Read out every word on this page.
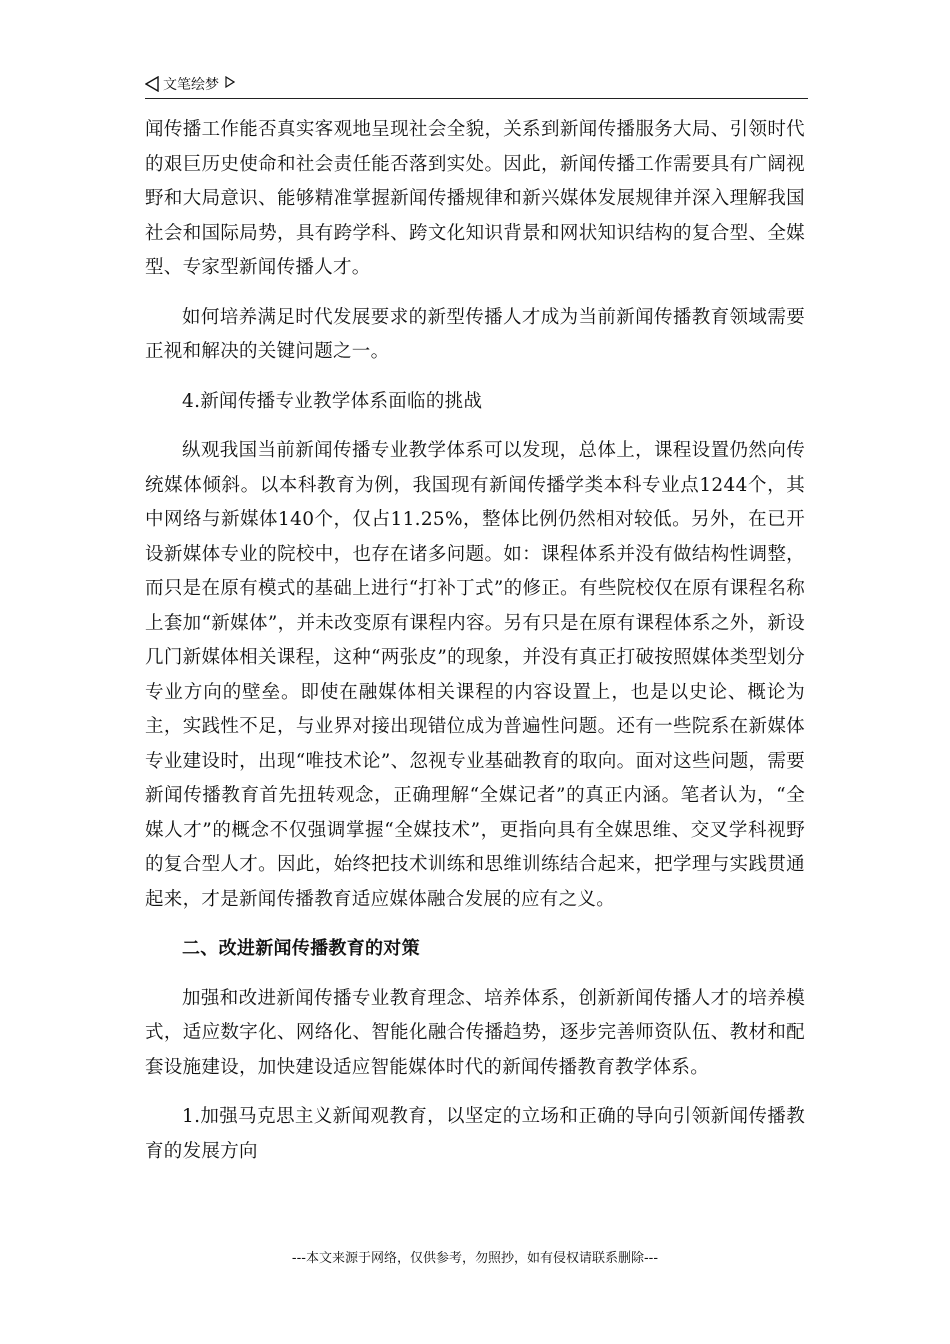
文笔绘梦

闻传播工作能否真实客观地呈现社会全貌，关系到新闻传播服务大局、引领时代的艰巨历史使命和社会责任能否落到实处。因此，新闻传播工作需要具有广阔视野和大局意识、能够精准掌握新闻传播规律和新兴媒体发展规律并深入理解我国社会和国际局势，具有跨学科、跨文化知识背景和网状知识结构的复合型、全媒型、专家型新闻传播人才。

如何培养满足时代发展要求的新型传播人才成为当前新闻传播教育领域需要正视和解决的关键问题之一。

4.新闻传播专业教学体系面临的挑战

纵观我国当前新闻传播专业教学体系可以发现，总体上，课程设置仍然向传统媒体倾斜。以本科教育为例，我国现有新闻传播学类本科专业点1244个，其中网络与新媒体140个，仅占11.25%，整体比例仍然相对较低。另外，在已开设新媒体专业的院校中，也存在诸多问题。如：课程体系并没有做结构性调整，而只是在原有模式的基础上进行“打补丁式”的修正。有些院校仅在原有课程名称上套加“新媒体”，并未改变原有课程内容。另有只是在原有课程体系之外，新设几门新媒体相关课程，这种“两张皮”的现象，并没有真正打破按照媒体类型划分专业方向的壁垒。即使在融媒体相关课程的内容设置上，也是以史论、概论为主，实践性不足，与业界对接出现错位成为普遍性问题。还有一些院系在新媒体专业建设时，出现“唯技术论”、忽视专业基础教育的取向。面对这些问题，需要新闻传播教育首先扭转观念，正确理解“全媒记者”的真正内涵。笔者认为，“全媒人才”的概念不仅强调掌握“全媒技术”，更指向具有全媒思维、交叉学科视野的复合型人才。因此，始终把技术训练和思维训练结合起来，把学理与实践贯通起来，才是新闻传播教育适应媒体融合发展的应有之义。

二、改进新闻传播教育的对策

加强和改进新闻传播专业教育理念、培养体系，创新新闻传播人才的培养模式，适应数字化、网络化、智能化融合传播趋势，逐步完善师资队伍、教材和配套设施建设，加快建设适应智能媒体时代的新闻传播教育教学体系。

1.加强马克思主义新闻观教育，以坚定的立场和正确的导向引领新闻传播教育的发展方向

---本文来源于网络，仅供参考，勿照抄，如有侵权请联系删除---
